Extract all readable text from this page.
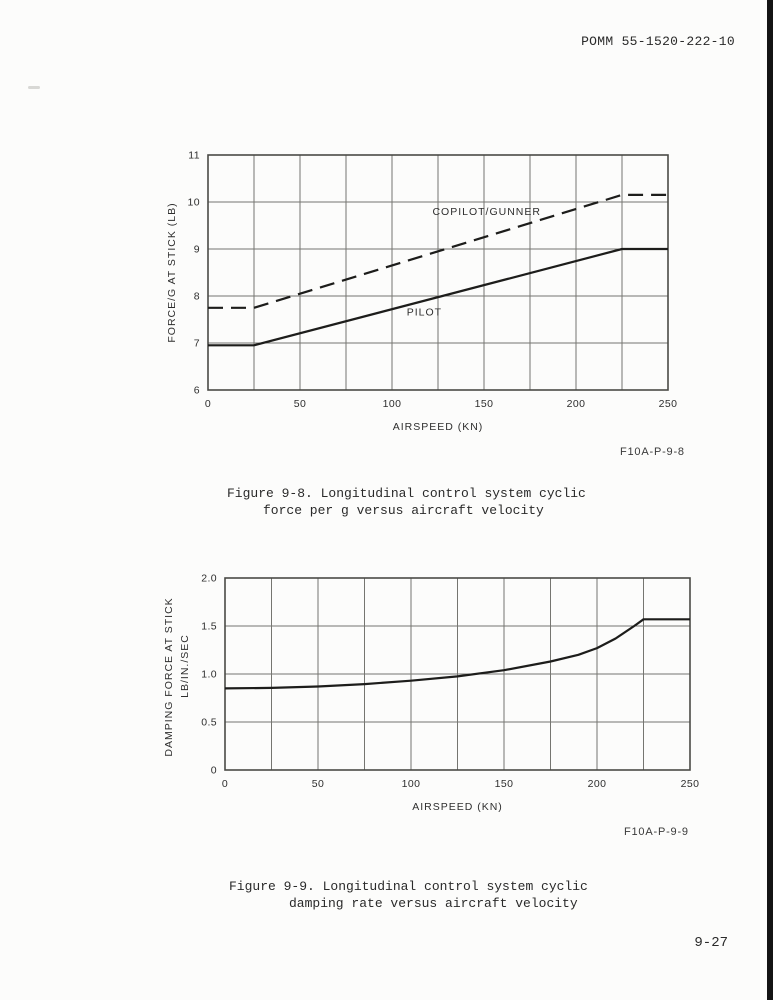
POMM 55-1520-222-10
0	50	100	150	200	250
6
7
8
9
10
11
AIRSPEED (KN)
FORCE/G AT STICK (LB)	COPILOT/GUNNER
PILOT
F10A-P-9-8
Figure 9-8. Longitudinal control system cyclic
force per g versus aircraft velocity
0	50	100	150	200	250
0
0.5
1.0
1.5
2.0
AIRSPEED (KN)
DAMPING FORCE AT STICK LB/IN./SEC
F10A-P-9-9
Figure 9-9. Longitudinal control system cyclic
damping rate versus aircraft velocity
9-27
